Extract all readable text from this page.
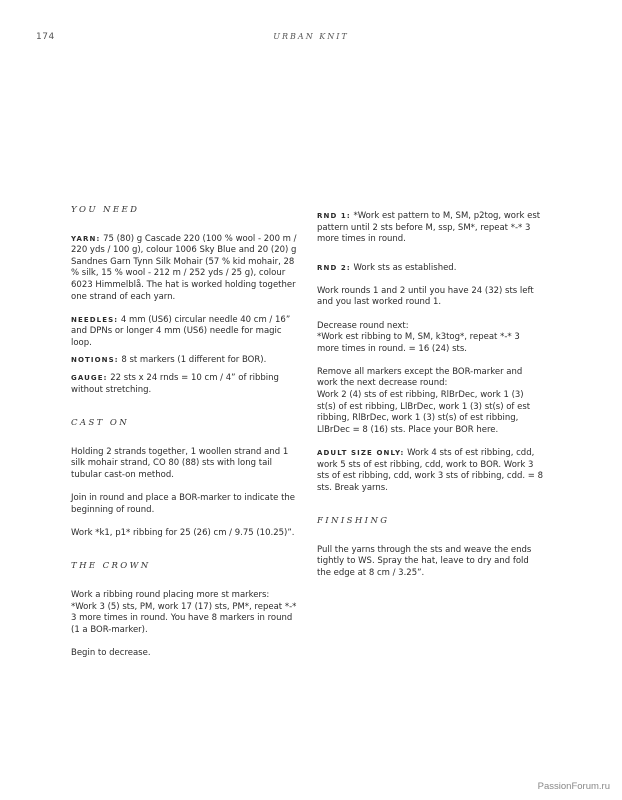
174	URBAN KNIT
YOU NEED

YARN: 75 (80) g Cascade 220 (100 % wool - 200 m / 220 yds / 100 g), colour 1006 Sky Blue and 20 (20) g Sandnes Garn Tynn Silk Mohair (57 % kid mohair, 28 % silk, 15 % wool - 212 m / 252 yds / 25 g), colour 6023 Himmelblå. The hat is worked holding together one strand of each yarn.

NEEDLES: 4 mm (US6) circular needle 40 cm / 16” and DPNs or longer 4 mm (US6) needle for magic loop.

NOTIONS: 8 st markers (1 different for BOR).

GAUGE: 22 sts x 24 rnds = 10 cm / 4” of ribbing without stretching.

CAST ON

Holding 2 strands together, 1 woollen strand and 1 silk mohair strand, CO 80 (88) sts with long tail tubular cast-on method.

Join in round and place a BOR-marker to indicate the beginning of round.

Work *k1, p1* ribbing for 25 (26) cm / 9.75 (10.25)”.

THE CROWN

Work a ribbing round placing more st markers: *Work 3 (5) sts, PM, work 17 (17) sts, PM*, repeat *-* 3 more times in round. You have 8 markers in round (1 a BOR-marker).

Begin to decrease.

RND 1: *Work est pattern to M, SM, p2tog, work est pattern until 2 sts before M, ssp, SM*, repeat *-* 3 more times in round.

RND 2: Work sts as established.

Work rounds 1 and 2 until you have 24 (32) sts left and you last worked round 1.

Decrease round next:
*Work est ribbing to M, SM, k3tog*, repeat *-* 3 more times in round. = 16 (24) sts.

Remove all markers except the BOR-marker and work the next decrease round:
Work 2 (4) sts of est ribbing, RlBrDec, work 1 (3) st(s) of est ribbing, LlBrDec, work 1 (3) st(s) of est ribbing, RlBrDec, work 1 (3) st(s) of est ribbing, LlBrDec = 8 (16) sts. Place your BOR here.

ADULT SIZE ONLY: Work 4 sts of est ribbing, cdd, work 5 sts of est ribbing, cdd, work to BOR. Work 3 sts of est ribbing, cdd, work 3 sts of ribbing, cdd. = 8 sts. Break yarns.

FINISHING

Pull the yarns through the sts and weave the ends tightly to WS. Spray the hat, leave to dry and fold the edge at 8 cm / 3.25”.

PassionForum.ru
